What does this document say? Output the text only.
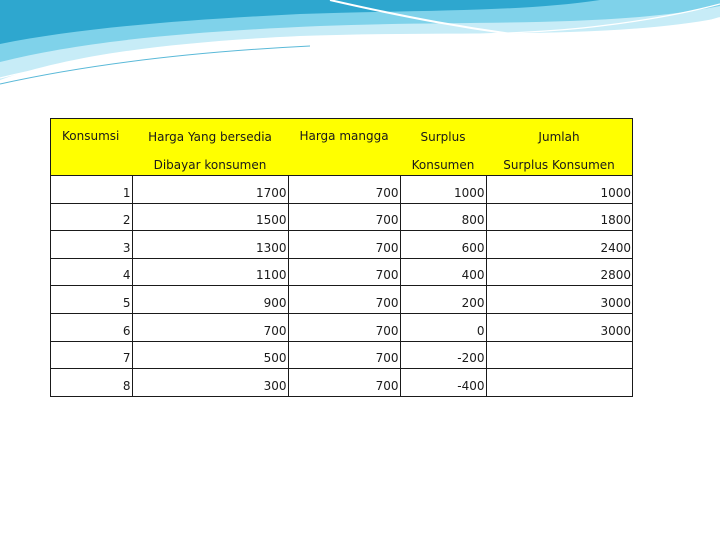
Konsumsi	Harga Yang bersedia	Harga mangga	Surplus	Jumlah
	Dibayar konsumen		Konsumen	Surplus Konsumen
1	1700	700	1000	1000
2	1500	700	800	1800
3	1300	700	600	2400
4	1100	700	400	2800
5	900	700	200	3000
6	700	700	0	3000
7	500	700	-200	
8	300	700	-400	
